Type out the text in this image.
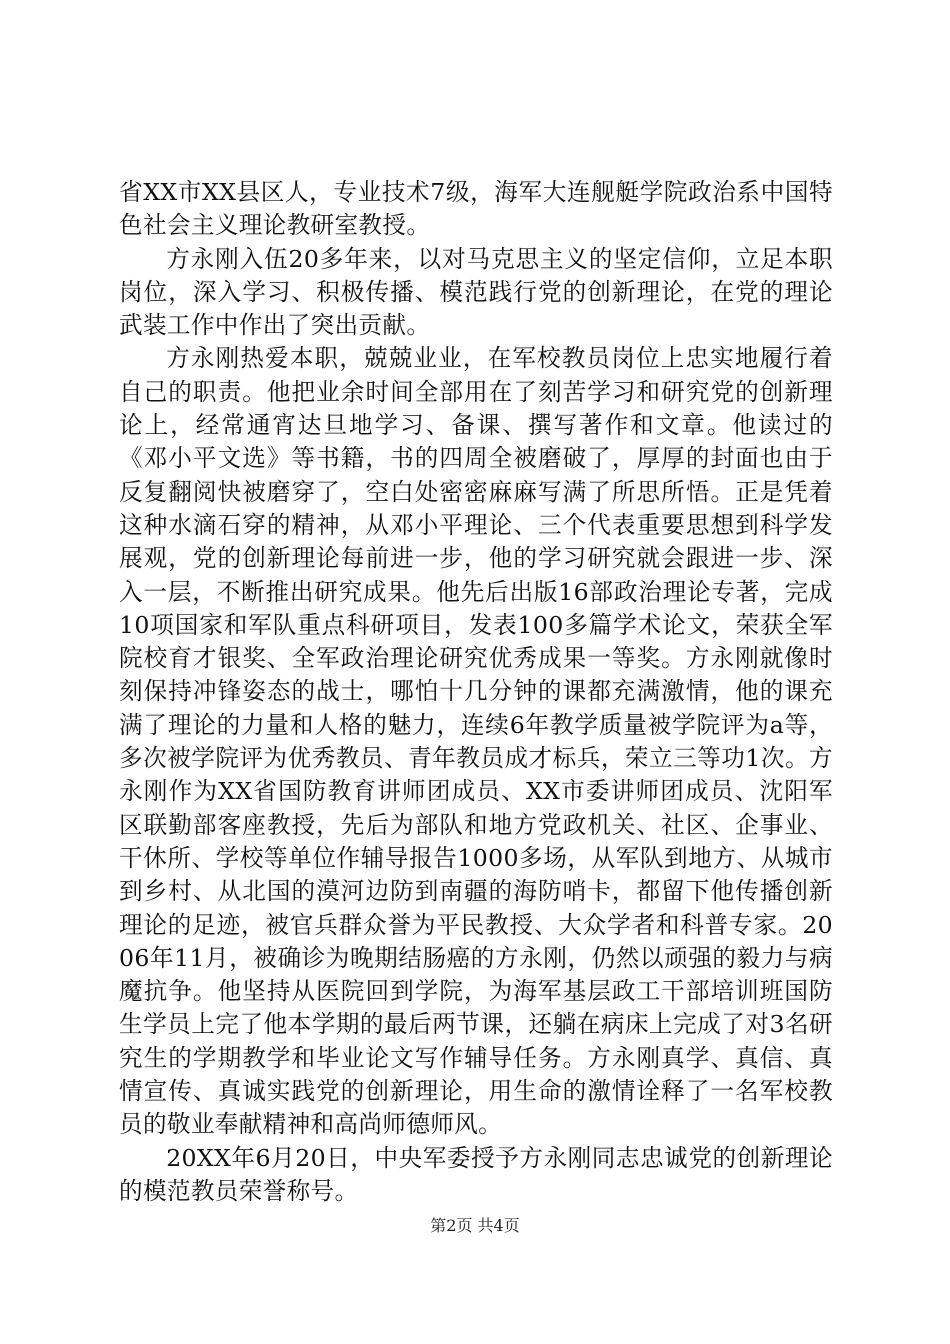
省XX市XX县区人，专业技术7级，海军大连舰艇学院政治系中国特色社会主义理论教研室教授。

方永刚入伍20多年来，以对马克思主义的坚定信仰，立足本职岗位，深入学习、积极传播、模范践行党的创新理论，在党的理论武装工作中作出了突出贡献。

方永刚热爱本职，兢兢业业，在军校教员岗位上忠实地履行着自己的职责。他把业余时间全部用在了刻苦学习和研究党的创新理论上，经常通宵达旦地学习、备课、撰写著作和文章。他读过的《邓小平文选》等书籍，书的四周全被磨破了，厚厚的封面也由于反复翻阅快被磨穿了，空白处密密麻麻写满了所思所悟。正是凭着这种水滴石穿的精神，从邓小平理论、三个代表重要思想到科学发展观，党的创新理论每前进一步，他的学习研究就会跟进一步、深入一层，不断推出研究成果。他先后出版16部政治理论专著，完成10项国家和军队重点科研项目，发表100多篇学术论文，荣获全军院校育才银奖、全军政治理论研究优秀成果一等奖。方永刚就像时刻保持冲锋姿态的战士，哪怕十几分钟的课都充满激情，他的课充满了理论的力量和人格的魅力，连续6年教学质量被学院评为a等，多次被学院评为优秀教员、青年教员成才标兵，荣立三等功1次。方永刚作为XX省国防教育讲师团成员、XX市委讲师团成员、沈阳军区联勤部客座教授，先后为部队和地方党政机关、社区、企事业、干休所、学校等单位作辅导报告1000多场，从军队到地方、从城市到乡村、从北国的漠河边防到南疆的海防哨卡，都留下他传播创新理论的足迹，被官兵群众誉为平民教授、大众学者和科普专家。2006年11月，被确诊为晚期结肠癌的方永刚，仍然以顽强的毅力与病魔抗争。他坚持从医院回到学院，为海军基层政工干部培训班国防生学员上完了他本学期的最后两节课，还躺在病床上完成了对3名研究生的学期教学和毕业论文写作辅导任务。方永刚真学、真信、真情宣传、真诚实践党的创新理论，用生命的激情诠释了一名军校教员的敬业奉献精神和高尚师德师风。

20XX年6月20日，中央军委授予方永刚同志忠诚党的创新理论的模范教员荣誉称号。

第2页 共4页
